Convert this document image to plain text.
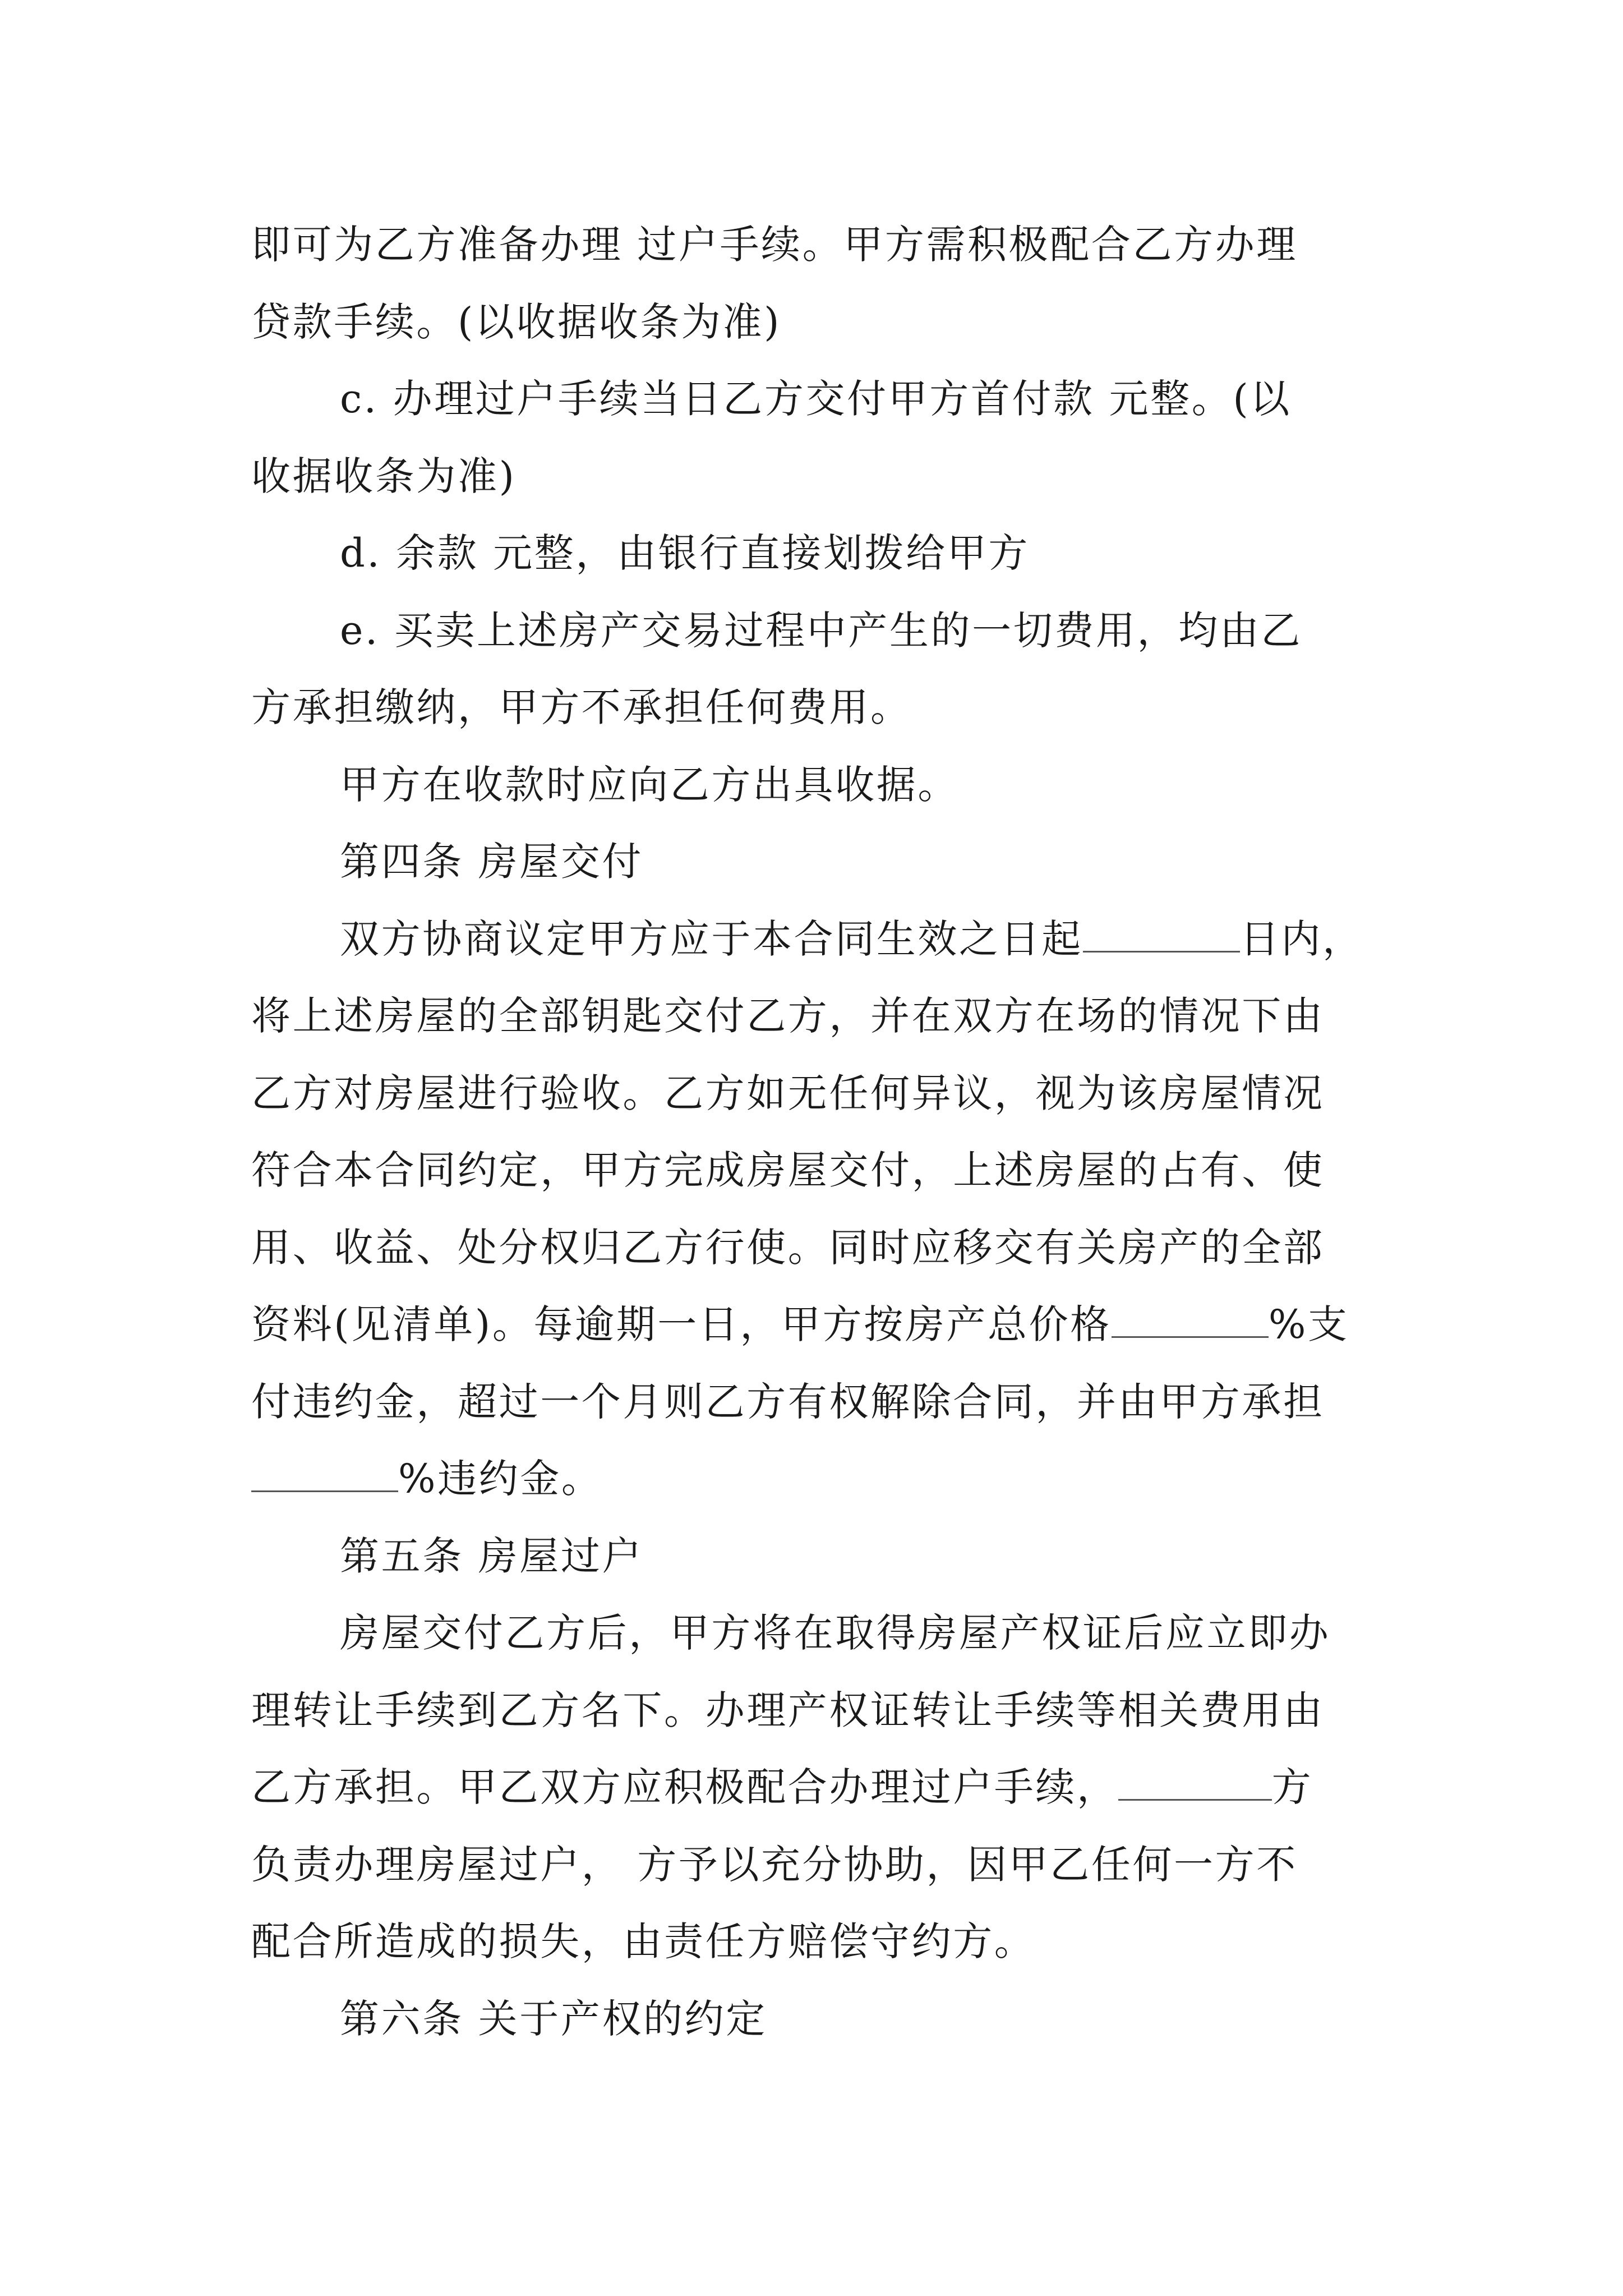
即可为乙方准备办理 过户手续。甲方需积极配合乙方办理
贷款手续。(以收据收条为准)
c. 办理过户手续当日乙方交付甲方首付款 元整。(以
收据收条为准)
d. 余款 元整，由银行直接划拨给甲方
e. 买卖上述房产交易过程中产生的一切费用，均由乙
方承担缴纳，甲方不承担任何费用。
甲方在收款时应向乙方出具收据。
第四条 房屋交付
双方协商议定甲方应于本合同生效之日起	日内，
将上述房屋的全部钥匙交付乙方，并在双方在场的情况下由
乙方对房屋进行验收。乙方如无任何异议，视为该房屋情况
符合本合同约定，甲方完成房屋交付，上述房屋的占有、使
用、收益、处分权归乙方行使。同时应移交有关房产的全部
资料(见清单)。每逾期一日，甲方按房产总价格	%支
付违约金，超过一个月则乙方有权解除合同，并由甲方承担
%违约金。
第五条 房屋过户
房屋交付乙方后，甲方将在取得房屋产权证后应立即办
理转让手续到乙方名下。办理产权证转让手续等相关费用由
乙方承担。甲乙双方应积极配合办理过户手续，	方
负责办理房屋过户， 方予以充分协助，因甲乙任何一方不
配合所造成的损失，由责任方赔偿守约方。
第六条 关于产权的约定
